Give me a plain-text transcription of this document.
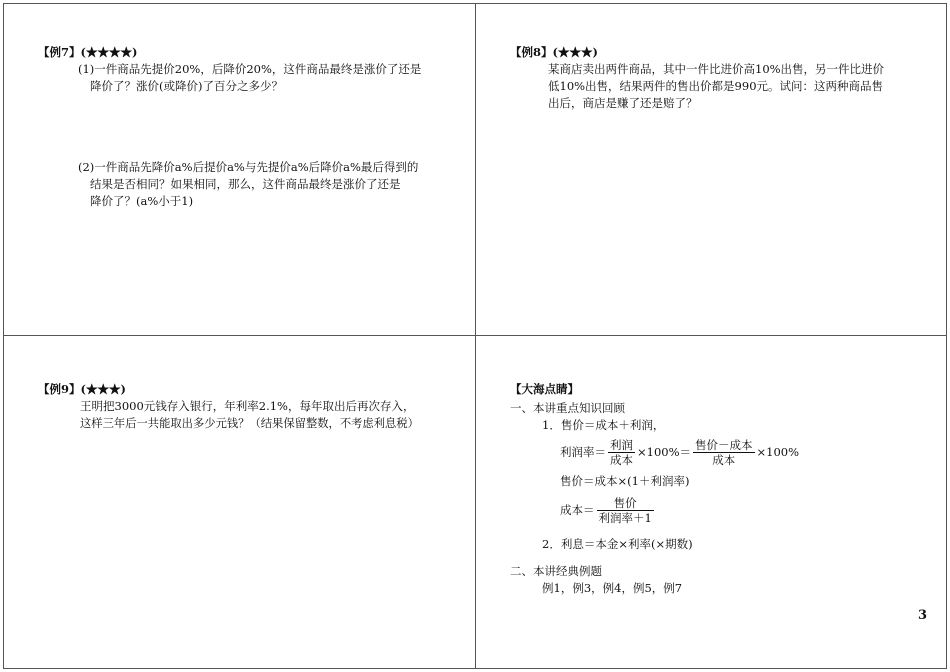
【例7】(★★★★)

(1)一件商品先提价20%，后降价20%，这件商品最终是涨价了还是

降价了？涨价(或降价)了百分之多少？

(2)一件商品先降价a%后提价a%与先提价a%后降价a%最后得到的

结果是否相同？如果相同，那么，这件商品最终是涨价了还是

降价了？(a%小于1)

【例8】(★★★)

某商店卖出两件商品，其中一件比进价高10%出售，另一件比进价

低10%出售，结果两件的售出价都是990元。试问：这两种商品售

出后，商店是赚了还是赔了？

【例9】(★★★)

王明把3000元钱存入银行，年利率2.1%，每年取出后再次存入，

这样三年后一共能取出多少元钱？（结果保留整数，不考虑利息税）

【大海点睛】

一、本讲重点知识回顾

1．售价＝成本＋利润，

利润率＝ $\frac{\text{利润}}{\text{成本}} \times 100\%= \frac{\text{售价－成本}}{\text{成本}} \times 100\%$
售价＝成本×(1＋利润率)
成本＝ $\frac{\text{售价}}{\text{利润率＋1}}$

2．利息＝本金×利率(×期数)

二、本讲经典例题

例1，例3，例4，例5，例7

3
